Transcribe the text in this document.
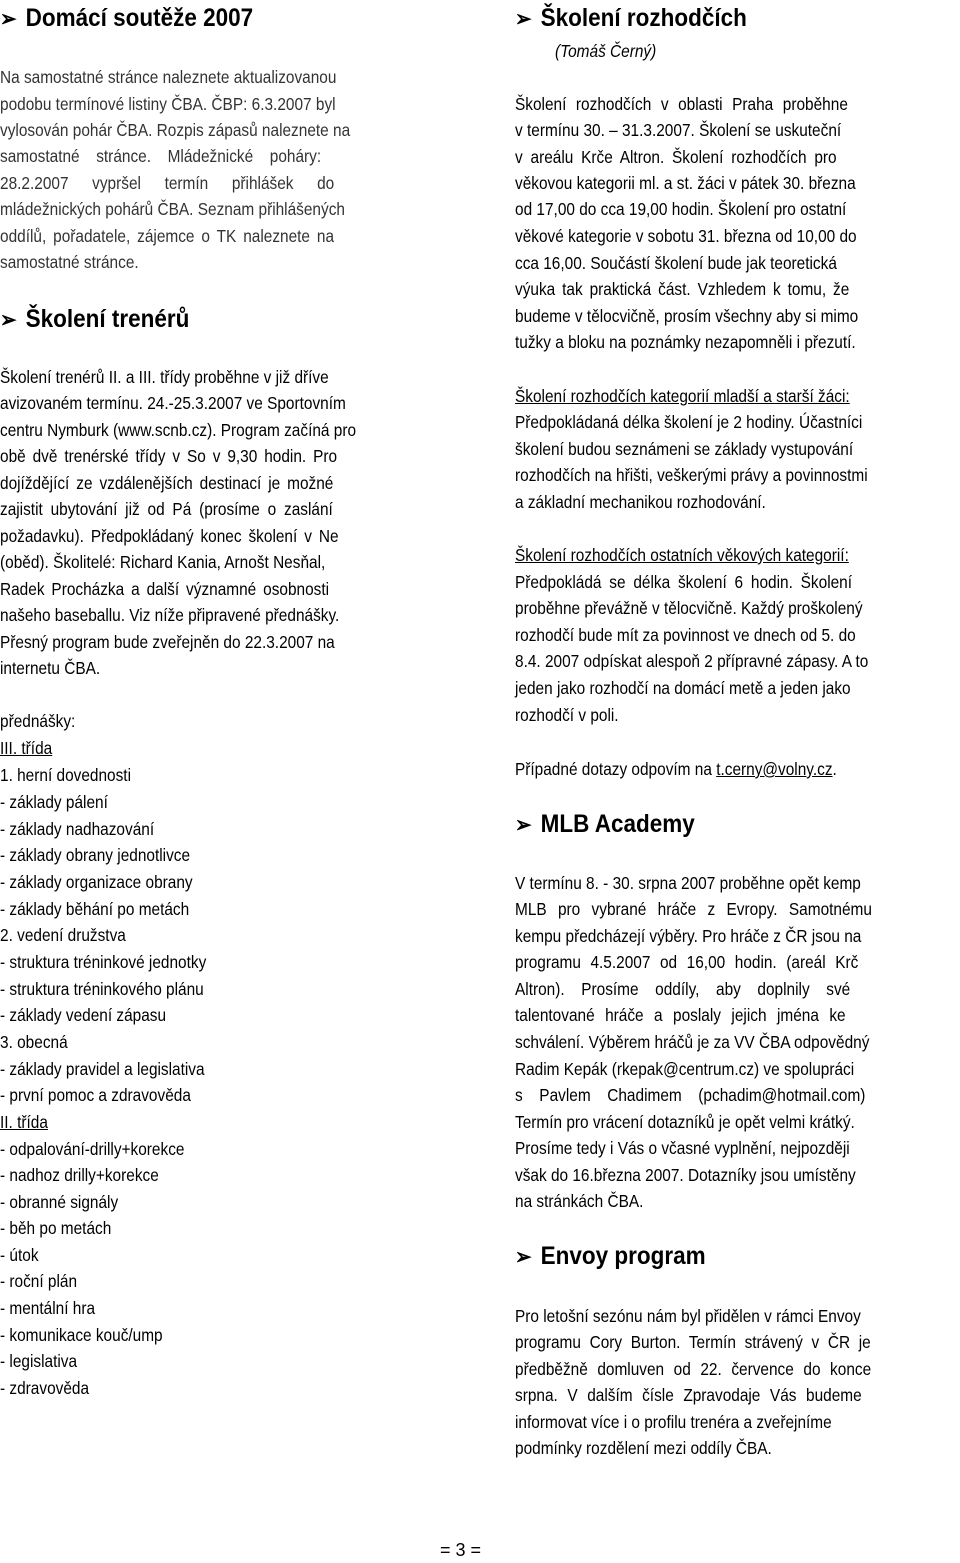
➢ Domácí soutěže 2007
Na samostatné stránce naleznete aktualizovanou
podobu termínové listiny ČBA. ČBP: 6.3.2007 byl
vylosován pohár ČBA. Rozpis zápasů naleznete na
samostatné stránce. Mládežnické poháry:
28.2.2007 vypršel termín přihlášek do
mládežnických pohárů ČBA. Seznam přihlášených
oddílů, pořadatele, zájemce o TK naleznete na
samostatné stránce.
➢ Školení trenérů
Školení trenérů II. a III. třídy proběhne v již dříve
avizovaném termínu. 24.-25.3.2007 ve Sportovním
centru Nymburk (www.scnb.cz). Program začíná pro
obě dvě trenérské třídy v So v 9,30 hodin. Pro
dojíždějící ze vzdálenějších destinací je možné
zajistit ubytování již od Pá (prosíme o zaslání
požadavku). Předpokládaný konec školení v Ne
(oběd). Školitelé: Richard Kania, Arnošt Nesňal,
Radek Procházka a další významné osobnosti
našeho baseballu. Viz níže připravené přednášky.
Přesný program bude zveřejněn do 22.3.2007 na
internetu ČBA.
přednášky:
III. třída
1. herní dovednosti
- základy pálení
- základy nadhazování
- základy obrany jednotlivce
- základy organizace obrany
- základy běhání po metách
2. vedení družstva
- struktura tréninkové jednotky
- struktura tréninkového plánu
- základy vedení zápasu
3. obecná
- základy pravidel a legislativa
- první pomoc a zdravověda
II. třída
- odpalování-drilly+korekce
- nadhoz drilly+korekce
- obranné signály
- běh po metách
- útok
- roční plán
- mentální hra
- komunikace kouč/ump
- legislativa
- zdravověda
➢ Školení rozhodčích
(Tomáš Černý)
Školení rozhodčích v oblasti Praha proběhne
v termínu 30. – 31.3.2007. Školení se uskuteční
v areálu Krče Altron. Školení rozhodčích pro
věkovou kategorii ml. a st. žáci v pátek 30. března
od 17,00 do cca 19,00 hodin. Školení pro ostatní
věkové kategorie v sobotu 31. března od 10,00 do
cca 16,00. Součástí školení bude jak teoretická
výuka tak praktická část. Vzhledem k tomu, že
budeme v tělocvičně, prosím všechny aby si mimo
tužky a bloku na poznámky nezapomněli i přezutí.
Školení rozhodčích kategorií mladší a starší žáci:
Předpokládaná délka školení je 2 hodiny. Účastníci
školení budou seznámeni se základy vystupování
rozhodčích na hřišti, veškerými právy a povinnostmi
a základní mechanikou rozhodování.
Školení rozhodčích ostatních věkových kategorií:
Předpokládá se délka školení 6 hodin. Školení
proběhne převážně v tělocvičně. Každý proškolený
rozhodčí bude mít za povinnost ve dnech od 5. do
8.4. 2007 odpískat alespoň 2 přípravné zápasy. A to
jeden jako rozhodčí na domácí metě a jeden jako
rozhodčí v poli.
Případné dotazy odpovím na t.cerny@volny.cz.
➢ MLB Academy
V termínu 8. - 30. srpna 2007 proběhne opět kemp
MLB pro vybrané hráče z Evropy. Samotnému
kempu předcházejí výběry. Pro hráče z ČR jsou na
programu 4.5.2007 od 16,00 hodin. (areál Krč
Altron). Prosíme oddíly, aby doplnily své
talentované hráče a poslaly jejich jména ke
schválení. Výběrem hráčů je za VV ČBA odpovědný
Radim Kepák (rkepak@centrum.cz) ve spolupráci
s Pavlem Chadimem (pchadim@hotmail.com)
Termín pro vrácení dotazníků je opět velmi krátký.
Prosíme tedy i Vás o včasné vyplnění, nejpozději
však do 16.března 2007. Dotazníky jsou umístěny
na stránkách ČBA.
➢ Envoy program
Pro letošní sezónu nám byl přidělen v rámci Envoy
programu Cory Burton. Termín strávený v ČR je
předběžně domluven od 22. července do konce
srpna. V dalším čísle Zpravodaje Vás budeme
informovat více i o profilu trenéra a zveřejníme
podmínky rozdělení mezi oddíly ČBA.
= 3 =
